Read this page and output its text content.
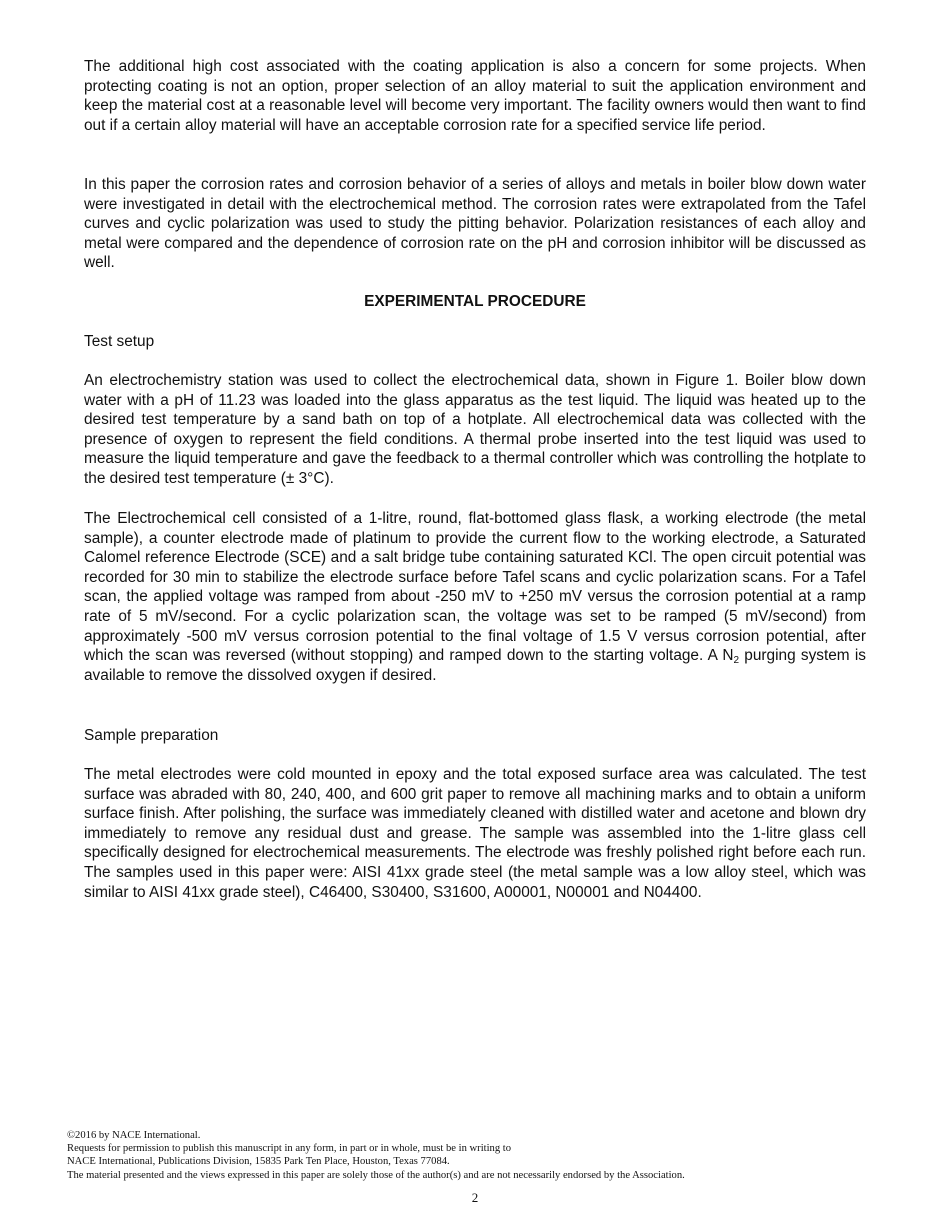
The additional high cost associated with the coating application is also a concern for some projects. When protecting coating is not an option, proper selection of an alloy material to suit the application environment and keep the material cost at a reasonable level will become very important. The facility owners would then want to find out if a certain alloy material will have an acceptable corrosion rate for a specified service life period.

In this paper the corrosion rates and corrosion behavior of a series of alloys and metals in boiler blow down water were investigated in detail with the electrochemical method. The corrosion rates were extrapolated from the Tafel curves and cyclic polarization was used to study the pitting behavior. Polarization resistances of each alloy and metal were compared and the dependence of corrosion rate on the pH and corrosion inhibitor will be discussed as well.

EXPERIMENTAL PROCEDURE
Test setup

An electrochemistry station was used to collect the electrochemical data, shown in Figure 1. Boiler blow down water with a pH of 11.23 was loaded into the glass apparatus as the test liquid. The liquid was heated up to the desired test temperature by a sand bath on top of a hotplate. All electrochemical data was collected with the presence of oxygen to represent the field conditions. A thermal probe inserted into the test liquid was used to measure the liquid temperature and gave the feedback to a thermal controller which was controlling the hotplate to the desired test temperature (± 3°C).

The Electrochemical cell consisted of a 1-litre, round, flat-bottomed glass flask, a working electrode (the metal sample), a counter electrode made of platinum to provide the current flow to the working electrode, a Saturated Calomel reference Electrode (SCE) and a salt bridge tube containing saturated KCl. The open circuit potential was recorded for 30 min to stabilize the electrode surface before Tafel scans and cyclic polarization scans. For a Tafel scan, the applied voltage was ramped from about -250 mV to +250 mV versus the corrosion potential at a ramp rate of 5 mV/second. For a cyclic polarization scan, the voltage was set to be ramped (5 mV/second) from approximately -500 mV versus corrosion potential to the final voltage of 1.5 V versus corrosion potential, after which the scan was reversed (without stopping) and ramped down to the starting voltage. A $N_2$ purging system is available to remove the dissolved oxygen if desired.

Sample preparation

The metal electrodes were cold mounted in epoxy and the total exposed surface area was calculated. The test surface was abraded with 80, 240, 400, and 600 grit paper to remove all machining marks and to obtain a uniform surface finish. After polishing, the surface was immediately cleaned with distilled water and acetone and blown dry immediately to remove any residual dust and grease. The sample was assembled into the 1-litre glass cell specifically designed for electrochemical measurements. The electrode was freshly polished right before each run. The samples used in this paper were: AISI 41xx grade steel (the metal sample was a low alloy steel, which was similar to AISI 41xx grade steel), C46400, S30400, S31600, A00001, N00001 and N04400.

©2016 by NACE International.
Requests for permission to publish this manuscript in any form, in part or in whole, must be in writing to
NACE International, Publications Division, 15835 Park Ten Place, Houston, Texas 77084.
The material presented and the views expressed in this paper are solely those of the author(s) and are not necessarily endorsed by the Association.
2
